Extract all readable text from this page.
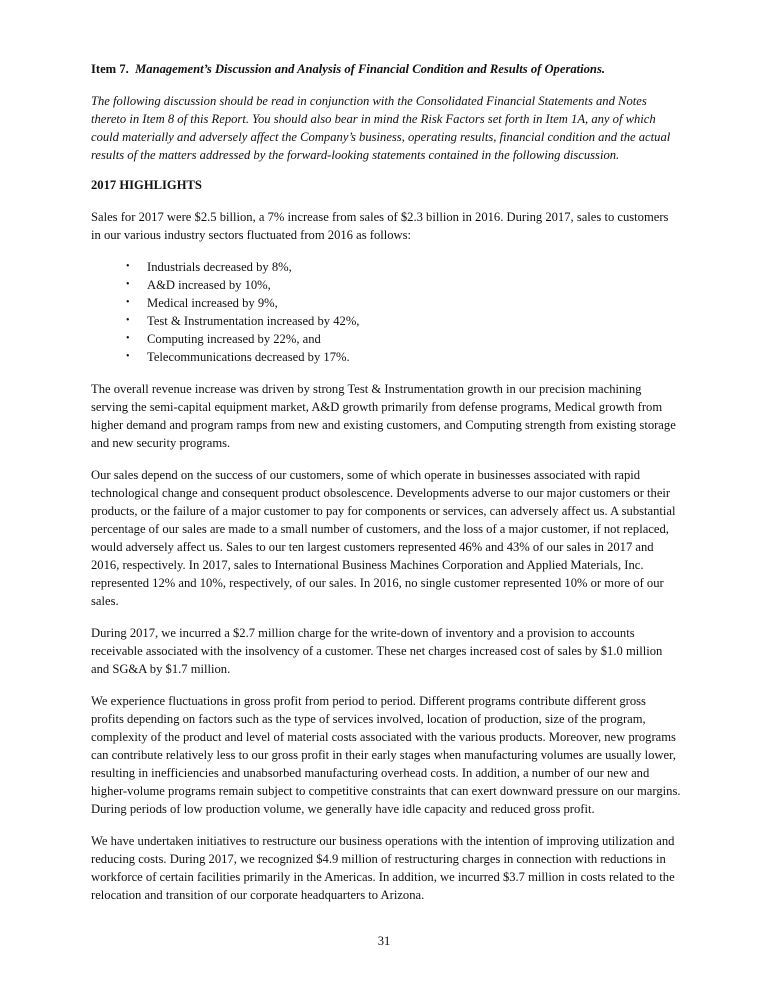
Item 7. Management’s Discussion and Analysis of Financial Condition and Results of Operations.

The following discussion should be read in conjunction with the Consolidated Financial Statements and Notes thereto in Item 8 of this Report. You should also bear in mind the Risk Factors set forth in Item 1A, any of which could materially and adversely affect the Company’s business, operating results, financial condition and the actual results of the matters addressed by the forward-looking statements contained in the following discussion.

2017 HIGHLIGHTS

Sales for 2017 were $2.5 billion, a 7% increase from sales of $2.3 billion in 2016. During 2017, sales to customers in our various industry sectors fluctuated from 2016 as follows:

• Industrials decreased by 8%,
• A&D increased by 10%,
• Medical increased by 9%,
• Test & Instrumentation increased by 42%,
• Computing increased by 22%, and
• Telecommunications decreased by 17%.

The overall revenue increase was driven by strong Test & Instrumentation growth in our precision machining serving the semi-capital equipment market, A&D growth primarily from defense programs, Medical growth from higher demand and program ramps from new and existing customers, and Computing strength from existing storage and new security programs.

Our sales depend on the success of our customers, some of which operate in businesses associated with rapid technological change and consequent product obsolescence. Developments adverse to our major customers or their products, or the failure of a major customer to pay for components or services, can adversely affect us. A substantial percentage of our sales are made to a small number of customers, and the loss of a major customer, if not replaced, would adversely affect us. Sales to our ten largest customers represented 46% and 43% of our sales in 2017 and 2016, respectively. In 2017, sales to International Business Machines Corporation and Applied Materials, Inc. represented 12% and 10%, respectively, of our sales. In 2016, no single customer represented 10% or more of our sales.

During 2017, we incurred a $2.7 million charge for the write-down of inventory and a provision to accounts receivable associated with the insolvency of a customer. These net charges increased cost of sales by $1.0 million and SG&A by $1.7 million.

We experience fluctuations in gross profit from period to period. Different programs contribute different gross profits depending on factors such as the type of services involved, location of production, size of the program, complexity of the product and level of material costs associated with the various products. Moreover, new programs can contribute relatively less to our gross profit in their early stages when manufacturing volumes are usually lower, resulting in inefficiencies and unabsorbed manufacturing overhead costs. In addition, a number of our new and higher-volume programs remain subject to competitive constraints that can exert downward pressure on our margins. During periods of low production volume, we generally have idle capacity and reduced gross profit.

We have undertaken initiatives to restructure our business operations with the intention of improving utilization and reducing costs. During 2017, we recognized $4.9 million of restructuring charges in connection with reductions in workforce of certain facilities primarily in the Americas. In addition, we incurred $3.7 million in costs related to the relocation and transition of our corporate headquarters to Arizona.

31
